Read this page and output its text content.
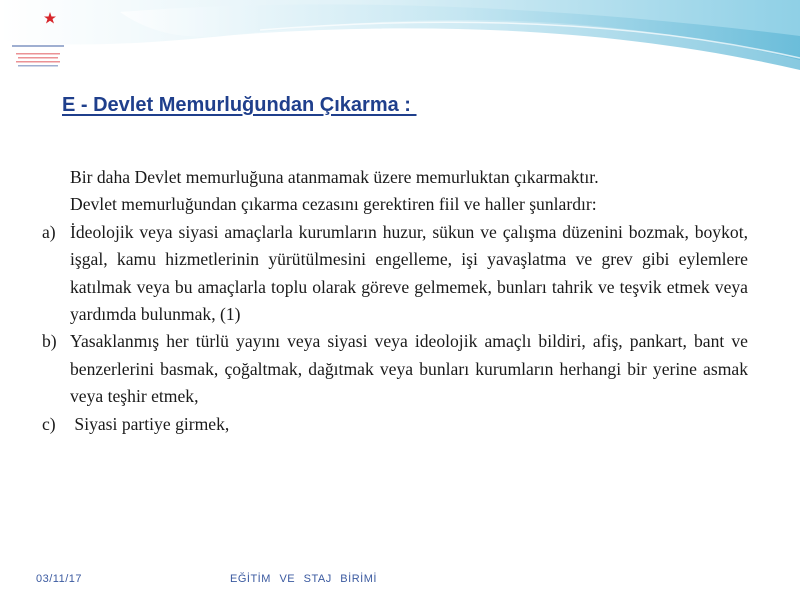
E - Devlet Memurluğundan Çıkarma :

Bir daha Devlet memurluğuna atanmamak üzere memurluktan çıkarmaktır.

Devlet memurluğundan çıkarma cezasını gerektiren fiil ve haller şunlardır:

a) İdeolojik veya siyasi amaçlarla kurumların huzur, sükun ve çalışma düzenini bozmak, boykot, işgal, kamu hizmetlerinin yürütülmesini engelleme, işi yavaşlatma ve grev gibi eylemlere katılmak veya bu amaçlarla toplu olarak göreve gelmemek, bunları tahrik ve teşvik etmek veya yardımda bulunmak, (1)
b) Yasaklanmış her türlü yayını veya siyasi veya ideolojik amaçlı bildiri, afiş, pankart, bant ve benzerlerini basmak, çoğaltmak, dağıtmak veya bunları kurumların herhangi bir yerine asmak veya teşhir etmek,
c) Siyasi partiye girmek,
03/11/17	EĞİTİM VE STAJ BİRİMİ
